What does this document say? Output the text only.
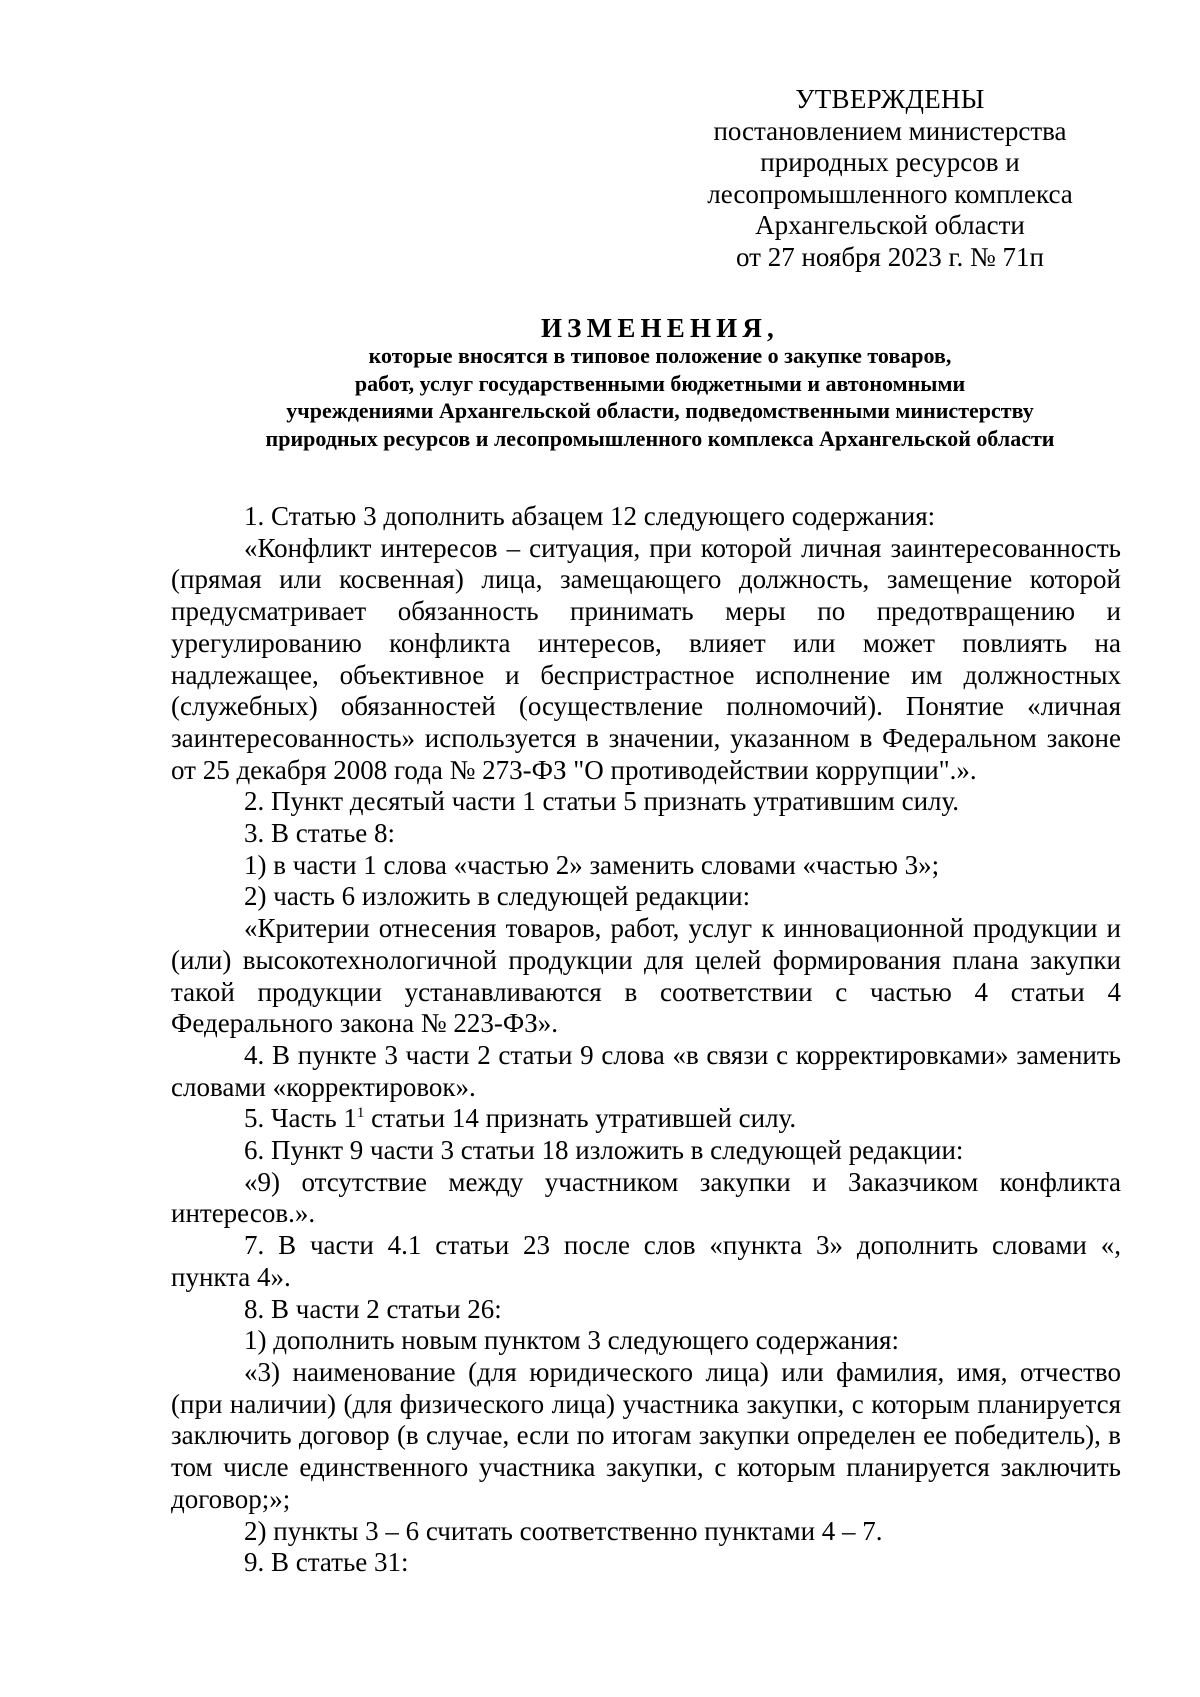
УТВЕРЖДЕНЫ
постановлением министерства
природных ресурсов и
лесопромышленного комплекса
Архангельской области
от 27 ноября 2023 г. № 71п
ИЗМЕНЕНИЯ,
которые вносятся в типовое положение о закупке товаров,
работ, услуг государственными бюджетными и автономными
учреждениями Архангельской области, подведомственными министерству
природных ресурсов и лесопромышленного комплекса Архангельской области

1. Статью 3 дополнить абзацем 12 следующего содержания:

«Конфликт интересов – ситуация, при которой личная заинтересованность (прямая или косвенная) лица, замещающего должность, замещение которой предусматривает обязанность принимать меры по предотвращению и урегулированию конфликта интересов, влияет или может повлиять на надлежащее, объективное и беспристрастное исполнение им должностных (служебных) обязанностей (осуществление полномочий). Понятие «личная заинтересованность» используется в значении, указанном в Федеральном законе от 25 декабря 2008 года № 273-ФЗ "О противодействии коррупции".».

2. Пункт десятый части 1 статьи 5 признать утратившим силу.

3. В статье 8:

1) в части 1 слова «частью 2» заменить словами «частью 3»;

2) часть 6 изложить в следующей редакции:

«Критерии отнесения товаров, работ, услуг к инновационной продукции и (или) высокотехнологичной продукции для целей формирования плана закупки такой продукции устанавливаются в соответствии с частью 4 статьи 4 Федерального закона № 223-ФЗ».

4. В пункте 3 части 2 статьи 9 слова «в связи с корректировками» заменить словами «корректировок».

5. Часть $1^1$ статьи 14 признать утратившей силу.

6. Пункт 9 части 3 статьи 18 изложить в следующей редакции:

«9) отсутствие между участником закупки и Заказчиком конфликта интересов.».

7. В части 4.1 статьи 23 после слов «пункта 3» дополнить словами «, пункта 4».

8. В части 2 статьи 26:

1) дополнить новым пунктом 3 следующего содержания:

«3) наименование (для юридического лица) или фамилия, имя, отчество (при наличии) (для физического лица) участника закупки, с которым планируется заключить договор (в случае, если по итогам закупки определен ее победитель), в том числе единственного участника закупки, с которым планируется заключить договор;»;

2) пункты 3 – 6 считать соответственно пунктами 4 – 7.

9. В статье 31:
